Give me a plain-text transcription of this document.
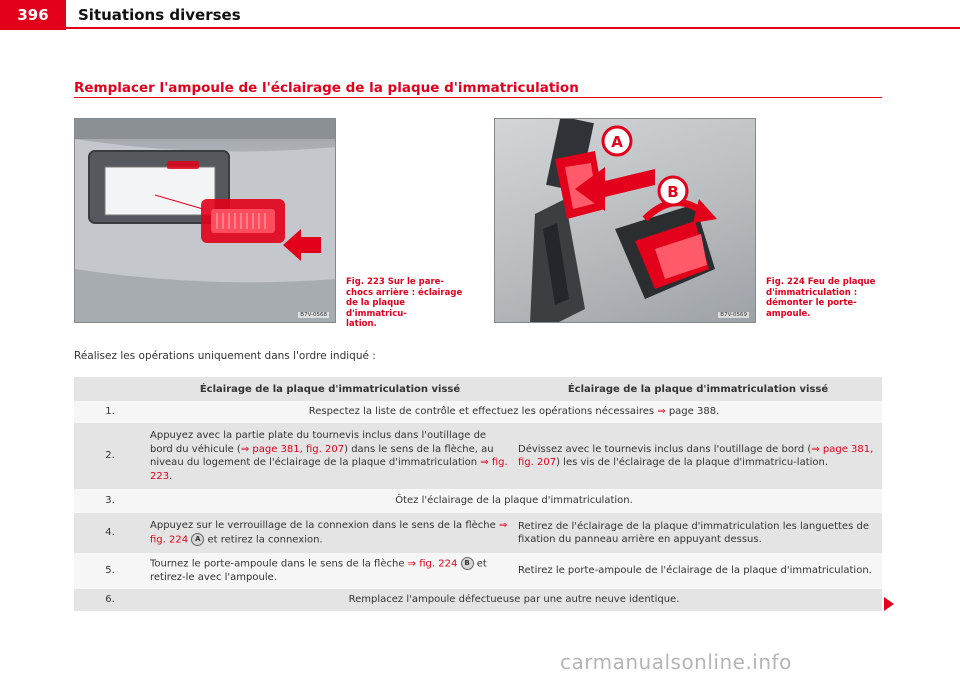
396	Situations diverses
Remplacer l'ampoule de l'éclairage de la plaque d'immatriculation
B7V-0568
Fig. 223 Sur le pare-
chocs arrière : éclairage
de la plaque d'immatricu-
lation.
A
B
B7V-0569
Fig. 224 Feu de plaque
d'immatriculation :
démonter le porte-
ampoule.
Réalisez les opérations uniquement dans l'ordre indiqué :
	Éclairage de la plaque d'immatriculation vissé	Éclairage de la plaque d'immatriculation vissé
1.	Respectez la liste de contrôle et effectuez les opérations nécessaires ⇒ page 388.	
2.	Appuyez avec la partie plate du tournevis inclus dans l'outillage de bord du véhicule (⇒ page 381, fig. 207) dans le sens de la flèche, au niveau du logement de l'éclairage de la plaque d'immatriculation ⇒ fig. 223.	Dévissez avec le tournevis inclus dans l'outillage de bord (⇒ page 381, fig. 207) les vis de l'éclairage de la plaque d'immatricu-lation.
3.	Ôtez l'éclairage de la plaque d'immatriculation.	
4.	Appuyez sur le verrouillage de la connexion dans le sens de la flèche ⇒ fig. 224 A et retirez la connexion.	Retirez de l'éclairage de la plaque d'immatriculation les languettes de fixation du panneau arrière en appuyant dessus.
5.	Tournez le porte-ampoule dans le sens de la flèche ⇒ fig. 224 B et retirez-le avec l'ampoule.	Retirez le porte-ampoule de l'éclairage de la plaque d'immatriculation.
6.	Remplacez l'ampoule défectueuse par une autre neuve identique.	
carmanualsonline.info
